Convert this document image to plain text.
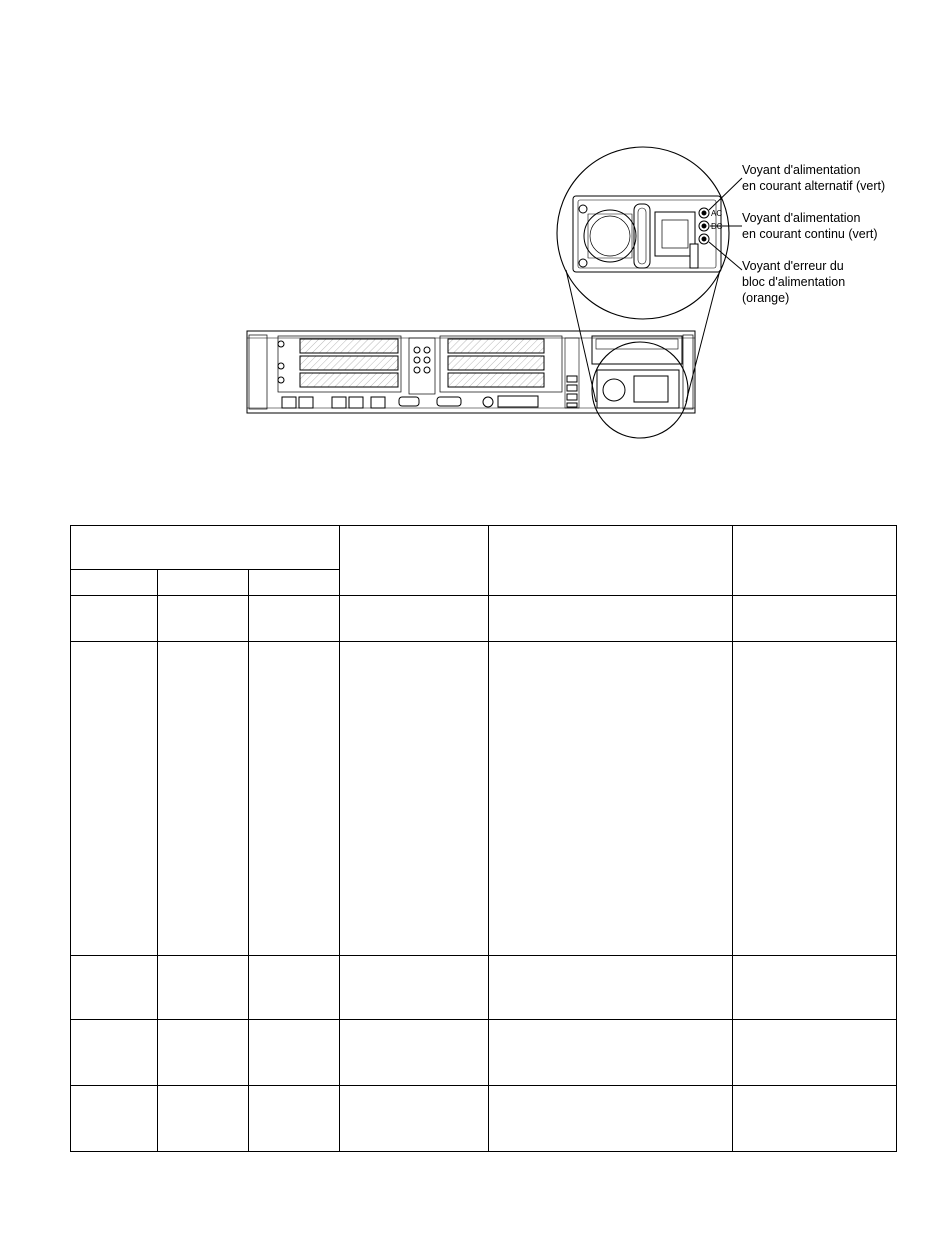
AC
DC
Voyant d'alimentation
en courant alternatif (vert)
Voyant d'alimentation
en courant continu (vert)
Voyant d'erreur du
bloc d'alimentation
(orange)
